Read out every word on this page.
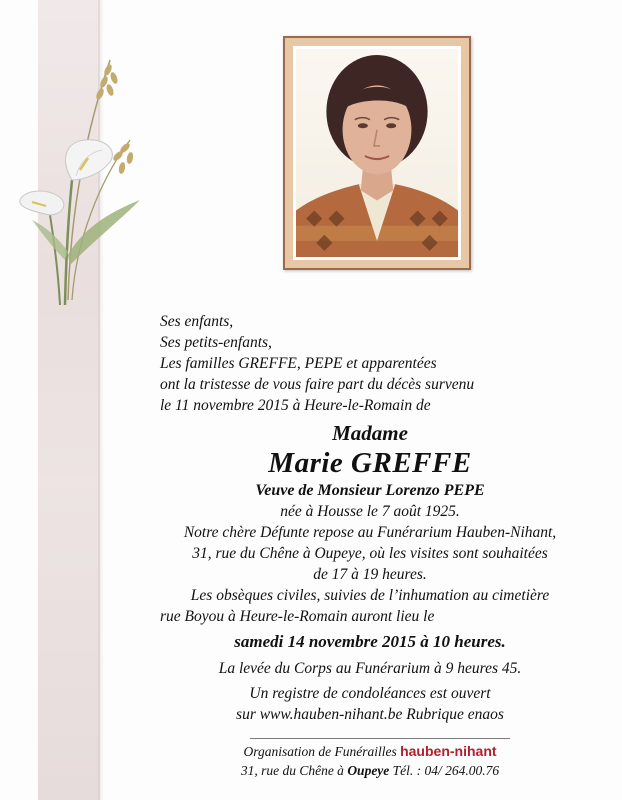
Ses enfants,
Ses petits-enfants,
Les familles GREFFE, PEPE et apparentées
ont la tristesse de vous faire part du décès survenu
le 11 novembre 2015 à Heure-le-Romain de
Madame
Marie GREFFE
Veuve de Monsieur Lorenzo PEPE
née à Housse le 7 août 1925.
Notre chère Défunte repose au Funérarium Hauben-Nihant,
31, rue du Chêne à Oupeye, où les visites sont souhaitées
de 17 à 19 heures.
Les obsèques civiles, suivies de l’inhumation au cimetière
rue Boyou à Heure-le-Romain auront lieu le
samedi 14 novembre 2015 à 10 heures.
La levée du Corps au Funérarium à 9 heures 45.
Un registre de condoléances est ouvert
sur www.hauben-nihant.be Rubrique enaos
Organisation de Funérailles hauben-nihant
31, rue du Chêne à Oupeye Tél. : 04/ 264.00.76
